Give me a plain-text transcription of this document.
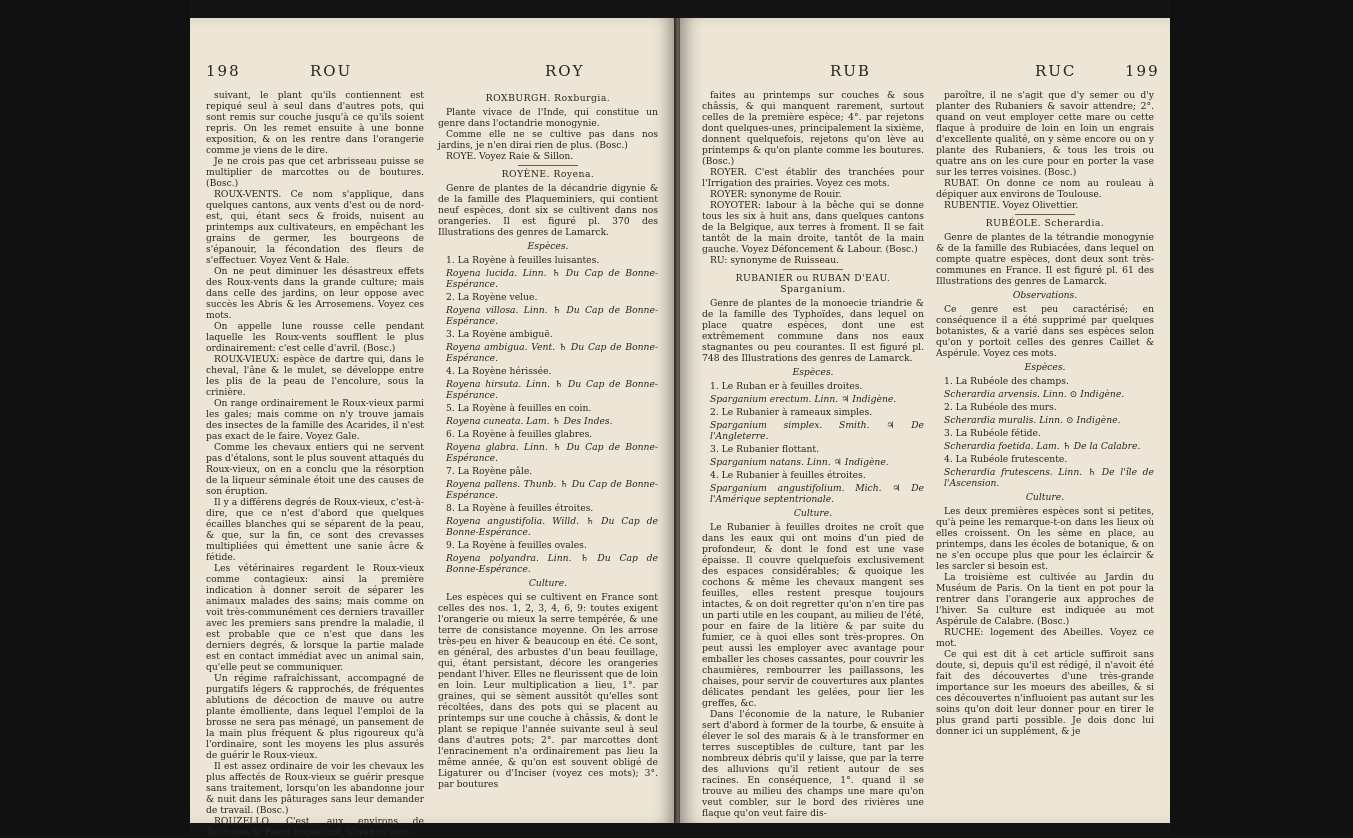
198	ROU	ROY

suivant, le plant qu'ils contiennent est repiqué seul à seul dans d'autres pots, qui sont remis sur couche jusqu'à ce qu'ils soient repris. On les remet ensuite à une bonne exposition, & on les rentre dans l'orangerie comme je viens de le dire.

Je ne crois pas que cet arbrisseau puisse se multiplier de marcottes ou de boutures. (Bosc.)

ROUX-VENTS. Ce nom s'applique, dans quelques cantons, aux vents d'est ou de nord-est, qui, étant secs & froids, nuisent au printemps aux cultivateurs, en empêchant les grains de germer, les bourgeons de s'épanouir, la fécondation des fleurs de s'effectuer. Voyez Vent & Hale.

On ne peut diminuer les désastreux effets des Roux-vents dans la grande culture; mais dans celle des jardins, on leur oppose avec succès les Abris & les Arrosemens. Voyez ces mots.

On appelle lune rousse celle pendant laquelle les Roux-vents soufflent le plus ordinairement: c'est celle d'avril. (Bosc.)

ROUX-VIEUX: espèce de dartre qui, dans le cheval, l'âne & le mulet, se développe entre les plis de la peau de l'encolure, sous la crinière.

On range ordinairement le Roux-vieux parmi les gales; mais comme on n'y trouve jamais des insectes de la famille des Acarides, il n'est pas exact de le faire. Voyez Gale.

Comme les chevaux entiers qui ne servent pas d'étalons, sont le plus souvent attaqués du Roux-vieux, on en a conclu que la résorption de la liqueur séminale étoit une des causes de son éruption.

Il y a différens degrés de Roux-vieux, c'est-à-dire, que ce n'est d'abord que quelques écailles blanches qui se séparent de la peau, & que, sur la fin, ce sont des crevasses multipliées qui émettent une sanie âcre & fétide.

Les vétérinaires regardent le Roux-vieux comme contagieux: ainsi la première indication à donner seroit de séparer les animaux malades des sains; mais comme on voit très-communément ces derniers travailler avec les premiers sans prendre la maladie, il est probable que ce n'est que dans les derniers degrés, & lorsque la partie malade est en contact immédiat avec un animal sain, qu'elle peut se communiquer.

Un régime rafraîchissant, accompagné de purgatifs légers & rapprochés, de fréquentes ablutions de décoction de mauve ou autre plante émolliente, dans lequel l'emploi de la brosse ne sera pas ménagé, un pansement de la main plus fréquent & plus rigoureux qu'à l'ordinaire, sont les moyens les plus assurés de guérir le Roux-vieux.

Il est assez ordinaire de voir les chevaux les plus affectés de Roux-vieux se guérir presque sans traitement, lorsqu'on les abandonne jour & nuit dans les pâturages sans leur demander de travail. (Bosc.)

ROUZELLO. C'est, aux environs de Toulouse, le Pavot coquelicot. Voyez ce mot.

ROXBURGH. Roxburgia.

Plante vivace de l'Inde, qui constitue un genre dans l'octandrie monogynie.

Comme elle ne se cultive pas dans nos jardins, je n'en dirai rien de plus. (Bosc.)

ROYE. Voyez Raie & Sillon.

ROYÈNE. Royena.

Genre de plantes de la décandrie digynie & de la famille des Plaqueminiers, qui contient neuf espèces, dont six se cultivent dans nos orangeries. Il est figuré pl. 370 des Illustrations des genres de Lamarck.

Espèces.

1. La Royène à feuilles luisantes.

Royena lucida. Linn. ♄ Du Cap de Bonne-Espérance.

2. La Royène velue.

Royena villosa. Linn. ♄ Du Cap de Bonne-Espérance.

3. La Royène ambiguë.

Royena ambigua. Vent. ♄ Du Cap de Bonne-Espérance.

4. La Royène hérissée.

Royena hirsuta. Linn. ♄ Du Cap de Bonne-Espérance.

5. La Royène à feuilles en coin.

Royena cuneata. Lam. ♄ Des Indes.

6. La Royène à feuilles glabres.

Royena glabra. Linn. ♄ Du Cap de Bonne-Espérance.

7. La Royène pâle.

Royena pallens. Thunb. ♄ Du Cap de Bonne-Espérance.

8. La Royène à feuilles étroites.

Royena angustifolia. Willd. ♄ Du Cap de Bonne-Espérance.

9. La Royène à feuilles ovales.

Royena polyandra. Linn. ♄ Du Cap de Bonne-Espérance.

Culture.

Les espèces qui se cultivent en France sont celles des nos. 1, 2, 3, 4, 6, 9: toutes exigent l'orangerie ou mieux la serre tempérée, & une terre de consistance moyenne. On les arrose très-peu en hiver & beaucoup en été. Ce sont, en général, des arbustes d'un beau feuillage, qui, étant persistant, décore les orangeries pendant l'hiver. Elles ne fleurissent que de loin en loin. Leur multiplication a lieu, 1°. par graines, qui se sèment aussitôt qu'elles sont récoltées, dans des pots qui se placent au printemps sur une couche à châssis, & dont le plant se repique l'année suivante seul à seul dans d'autres pots; 2°. par marcottes dont l'enracinement n'a ordinairement pas lieu la même année, & qu'on est souvent obligé de Ligaturer ou d'Inciser (voyez ces mots); 3°. par boutures

RUB	RUC	199

faites au printemps sur couches & sous châssis, & qui manquent rarement, surtout celles de la première espèce; 4°. par rejetons dont quelques-unes, principalement la sixième, donnent quelquefois, rejetons qu'on lève au printemps & qu'on plante comme les boutures. (Bosc.)

ROYER. C'est établir des tranchées pour l'Irrigation des prairies. Voyez ces mots.

ROYER: synonyme de Rouir.

ROYOTER: labour à la bêche qui se donne tous les six à huit ans, dans quelques cantons de la Belgique, aux terres à froment. Il se fait tantôt de la main droite, tantôt de la main gauche. Voyez Défoncement & Labour. (Bosc.)

RU: synonyme de Ruisseau.

RUBANIER ou RUBAN D'EAU. Sparganium.

Genre de plantes de la monoecie triandrie & de la famille des Typhoïdes, dans lequel on place quatre espèces, dont une est extrêmement commune dans nos eaux stagnantes ou peu courantes. Il est figuré pl. 748 des Illustrations des genres de Lamarck.

Espèces.

1. Le Ruban er à feuilles droites.

Sparganium erectum. Linn. ♃ Indigène.

2. Le Rubanier à rameaux simples.

Sparganium simplex. Smith. ♃ De l'Angleterre.

3. Le Rubanier flottant.

Sparganium natans. Linn. ♃ Indigène.

4. Le Rubanier à feuilles étroites.

Sparganium angustifolium. Mich. ♃ De l'Amérique septentrionale.

Culture.

Le Rubanier à feuilles droites ne croît que dans les eaux qui ont moins d'un pied de profondeur, & dont le fond est une vase épaisse. Il couvre quelquefois exclusivement des espaces considérables; & quoique les cochons & même les chevaux mangent ses feuilles, elles restent presque toujours intactes, & on doit regretter qu'on n'en tire pas un parti utile en les coupant, au milieu de l'été, pour en faire de la litière & par suite du fumier, ce à quoi elles sont très-propres. On peut aussi les employer avec avantage pour emballer les choses cassantes, pour couvrir les chaumières, rembourrer les paillassons, les chaises, pour servir de couvertures aux plantes délicates pendant les gelées, pour lier les greffes, &c.

Dans l'économie de la nature, le Rubanier sert d'abord à former de la tourbe, & ensuite à élever le sol des marais & à le transformer en terres susceptibles de culture, tant par les nombreux débris qu'il y laisse, que par la terre des alluvions qu'il retient autour de ses racines. En conséquence, 1°. quand il se trouve au milieu des champs une mare qu'on veut combler, sur le bord des rivières une flaque qu'on veut faire dis-

paroître, il ne s'agit que d'y semer ou d'y planter des Rubaniers & savoir attendre; 2°. quand on veut employer cette mare ou cette flaque à produire de loin en loin un engrais d'excellente qualité, on y sème encore ou on y plante des Rubaniers, & tous les trois ou quatre ans on les cure pour en porter la vase sur les terres voisines. (Bosc.)

RUBAT. On donne ce nom au rouleau à dépiquer aux environs de Toulouse.

RUBENTIE. Voyez Olivettier.

RUBÉOLE. Scherardia.

Genre de plantes de la tétrandie monogynie & de la famille des Rubiacées, dans lequel on compte quatre espèces, dont deux sont très-communes en France. Il est figuré pl. 61 des Illustrations des genres de Lamarck.

Observations.

Ce genre est peu caractérisé; en conséquence il a été supprimé par quelques botanistes, & a varié dans ses espèces selon qu'on y portoit celles des genres Caillet & Aspérule. Voyez ces mots.

Espèces.

1. La Rubéole des champs.

Scherardia arvensis. Linn. ⊙ Indigène.

2. La Rubéole des murs.

Scherardia muralis. Linn. ⊙ Indigène.

3. La Rubéole fétide.

Scherardia foetida. Lam. ♄ De la Calabre.

4. La Rubéole frutescente.

Scherardia frutescens. Linn. ♄ De l'île de l'Ascension.

Culture.

Les deux premières espèces sont si petites, qu'à peine les remarque-t-on dans les lieux où elles croissent. On les sème en place, au printemps, dans les écoles de botanique, & on ne s'en occupe plus que pour les éclaircir & les sarcler si besoin est.

La troisième est cultivée au Jardin du Muséum de Paris. On la tient en pot pour la rentrer dans l'orangerie aux approches de l'hiver. Sa culture est indiquée au mot Aspérule de Calabre. (Bosc.)

RUCHE: logement des Abeilles. Voyez ce mot.

Ce qui est dit à cet article suffiroit sans doute, si, depuis qu'il est rédigé, il n'avoit été fait des découvertes d'une très-grande importance sur les moeurs des abeilles, & si ces découvertes n'influoient pas autant sur les soins qu'on doit leur donner pour en tirer le plus grand parti possible. Je dois donc lui donner ici un supplément, & je
